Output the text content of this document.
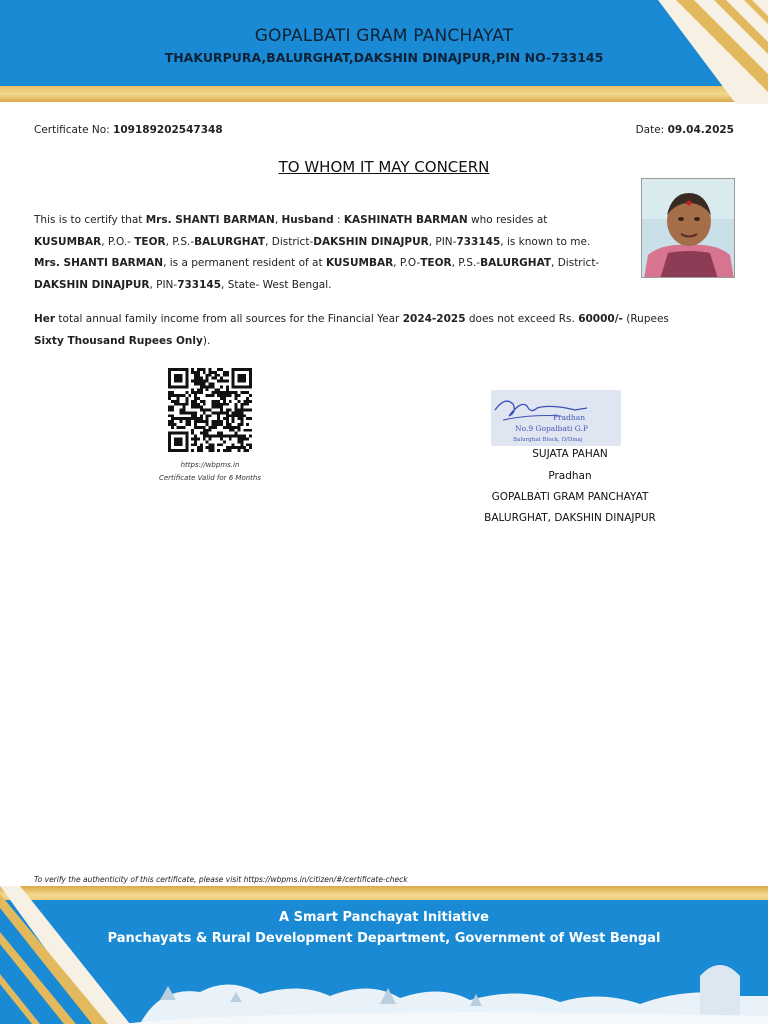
GOPALBATI GRAM PANCHAYAT
THAKURPURA,BALURGHAT,DAKSHIN DINAJPUR,PIN NO-733145
Certificate No: 109189202547348	Date: 09.04.2025
TO WHOM IT MAY CONCERN
This is to certify that Mrs. SHANTI BARMAN, Husband : KASHINATH BARMAN who resides at
KUSUMBAR, P.O.- TEOR, P.S.-BALURGHAT, District-DAKSHIN DINAJPUR, PIN-733145, is known to me.
Mrs. SHANTI BARMAN, is a permanent resident of at KUSUMBAR, P.O-TEOR, P.S.-BALURGHAT, District-
DAKSHIN DINAJPUR, PIN-733145, State- West Bengal.
Her total annual family income from all sources for the Financial Year 2024-2025 does not exceed Rs. 60000/- (Rupees
Sixty Thousand Rupees Only).
https://wbpms.in
Certificate Valid for 6 Months
Pradhan
No.9 Gopalbati G.P
Balurghat Block, D/Dinaj
SUJATA PAHAN
Pradhan
GOPALBATI GRAM PANCHAYAT
BALURGHAT, DAKSHIN DINAJPUR
To verify the authenticity of this certificate, please visit https://wbpms.in/citizen/#/certificate-check
A Smart Panchayat Initiative
Panchayats & Rural Development Department, Government of West Bengal
